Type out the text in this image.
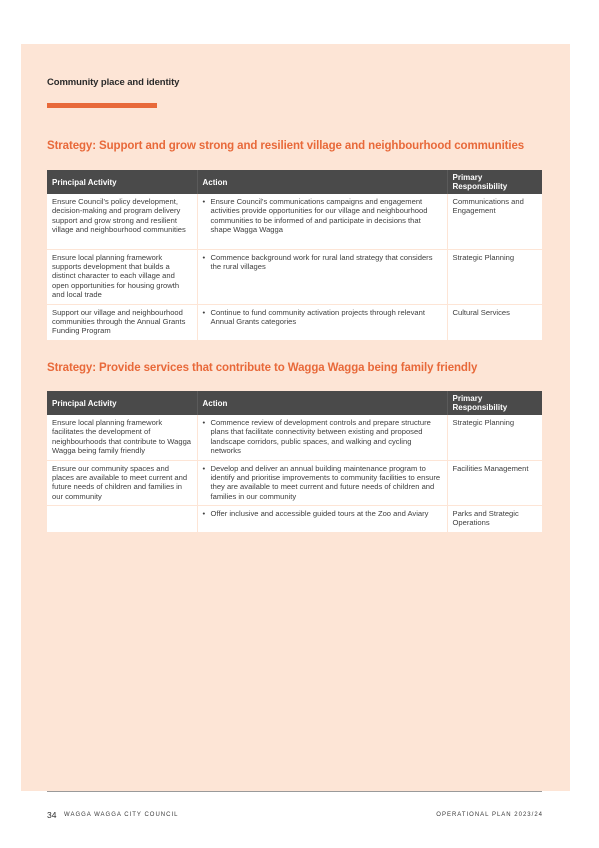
Community place and identity
Strategy: Support and grow strong and resilient village and neighbourhood communities
Principal Activity	Action	Primary Responsibility
Ensure Council's policy development, decision-making and program delivery support and grow strong and resilient village and neighbourhood communities	• Ensure Council's communications campaigns and engagement activities provide opportunities for our village and neighbourhood communities to be informed of and participate in decisions that shape Wagga Wagga	Communications and Engagement
Ensure local planning framework supports development that builds a distinct character to each village and open opportunities for housing growth and local trade	• Commence background work for rural land strategy that considers the rural villages	Strategic Planning
Support our village and neighbourhood communities through the Annual Grants Funding Program	• Continue to fund community activation projects through relevant Annual Grants categories	Cultural Services
Strategy: Provide services that contribute to Wagga Wagga being family friendly
Principal Activity	Action	Primary Responsibility
Ensure local planning framework facilitates the development of neighbourhoods that contribute to Wagga Wagga being family friendly	• Commence review of development controls and prepare structure plans that facilitate connectivity between existing and proposed landscape corridors, public spaces, and walking and cycling networks	Strategic Planning
Ensure our community spaces and places are available to meet current and future needs of children and families in our community	• Develop and deliver an annual building maintenance program to identify and prioritise improvements to community facilities to ensure they are available to meet current and future needs of children and families in our community	Facilities Management

	• Offer inclusive and accessible guided tours at the Zoo and Aviary	Parks and Strategic Operations
34 WAGGA WAGGA CITY COUNCIL	OPERATIONAL PLAN 2023/24
